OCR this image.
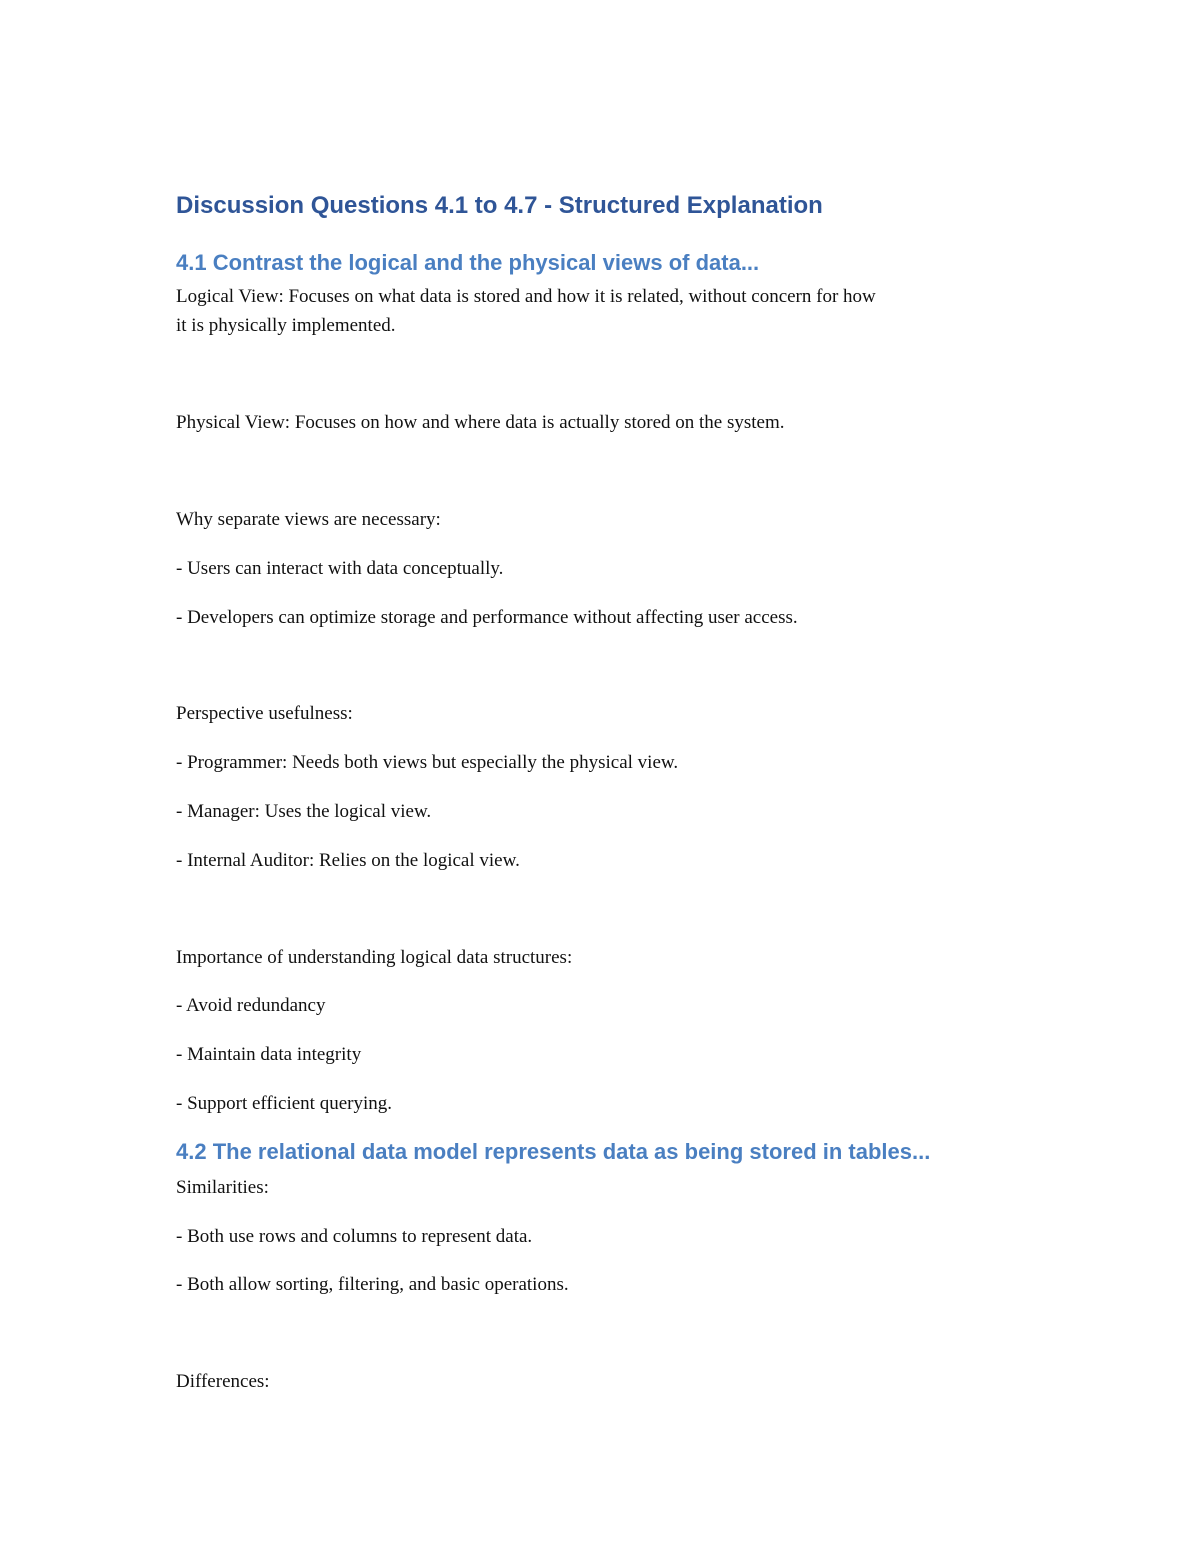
Discussion Questions 4.1 to 4.7 - Structured Explanation
4.1 Contrast the logical and the physical views of data...
Logical View: Focuses on what data is stored and how it is related, without concern for how
it is physically implemented.
Physical View: Focuses on how and where data is actually stored on the system.
Why separate views are necessary:
- Users can interact with data conceptually.
- Developers can optimize storage and performance without affecting user access.
Perspective usefulness:
- Programmer: Needs both views but especially the physical view.
- Manager: Uses the logical view.
- Internal Auditor: Relies on the logical view.
Importance of understanding logical data structures:
- Avoid redundancy
- Maintain data integrity
- Support efficient querying.
4.2 The relational data model represents data as being stored in tables...
Similarities:
- Both use rows and columns to represent data.
- Both allow sorting, filtering, and basic operations.
Differences:
